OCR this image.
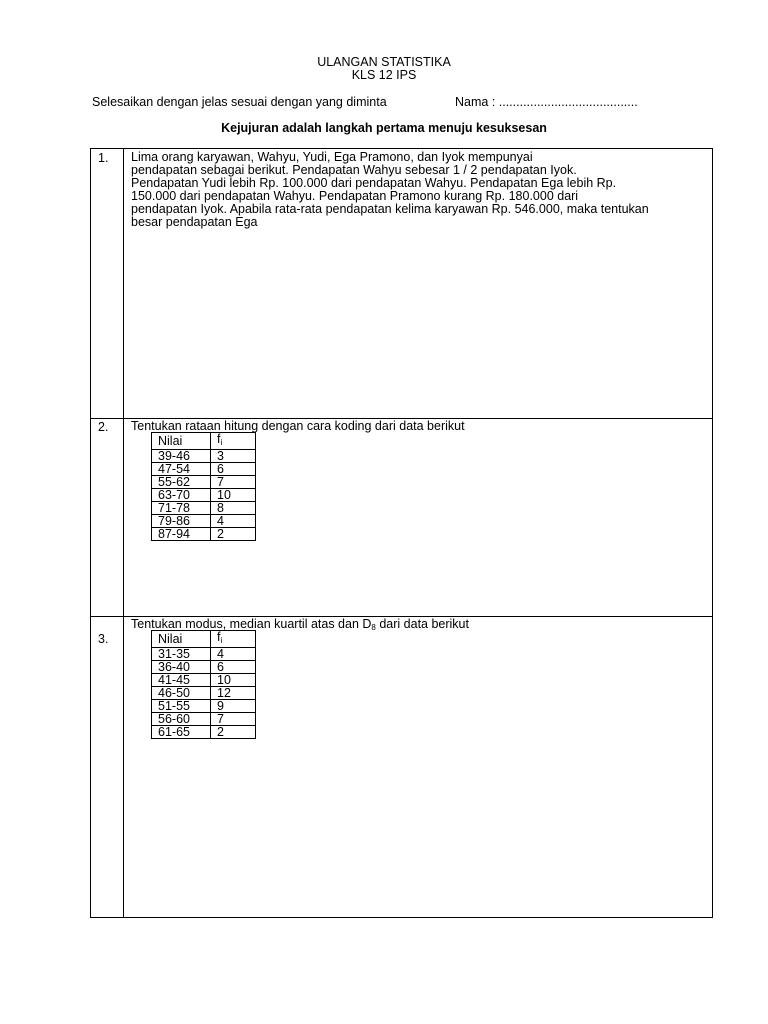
ULANGAN STATISTIKA
KLS 12 IPS
Selesaikan dengan jelas sesuai dengan yang diminta	Nama : ........................................
Kejujuran adalah langkah pertama menuju kesuksesan
1. Lima orang karyawan, Wahyu, Yudi, Ega Pramono, dan Iyok mempunyai
pendapatan sebagai berikut. Pendapatan Wahyu sebesar 1 / 2 pendapatan Iyok.
Pendapatan Yudi lebih Rp. 100.000 dari pendapatan Wahyu. Pendapatan Ega lebih Rp.
150.000 dari pendapatan Wahyu. Pendapatan Pramono kurang Rp. 180.000 dari
pendapatan Iyok. Apabila rata-rata pendapatan kelima karyawan Rp. 546.000, maka tentukan
besar pendapatan Ega
2. Tentukan rataan hitung dengan cara koding dari data berikut
Nilai	$f_i$
39-46	3
47-54	6
55-62	7
63-70	10
71-78	8
79-86	4
87-94	2
3.
Tentukan modus, median kuartil atas dan $D_8$ dari data berikut
Nilai	$f_i$
31-35	4
36-40	6
41-45	10
46-50	12
51-55	9
56-60	7
61-65	2
